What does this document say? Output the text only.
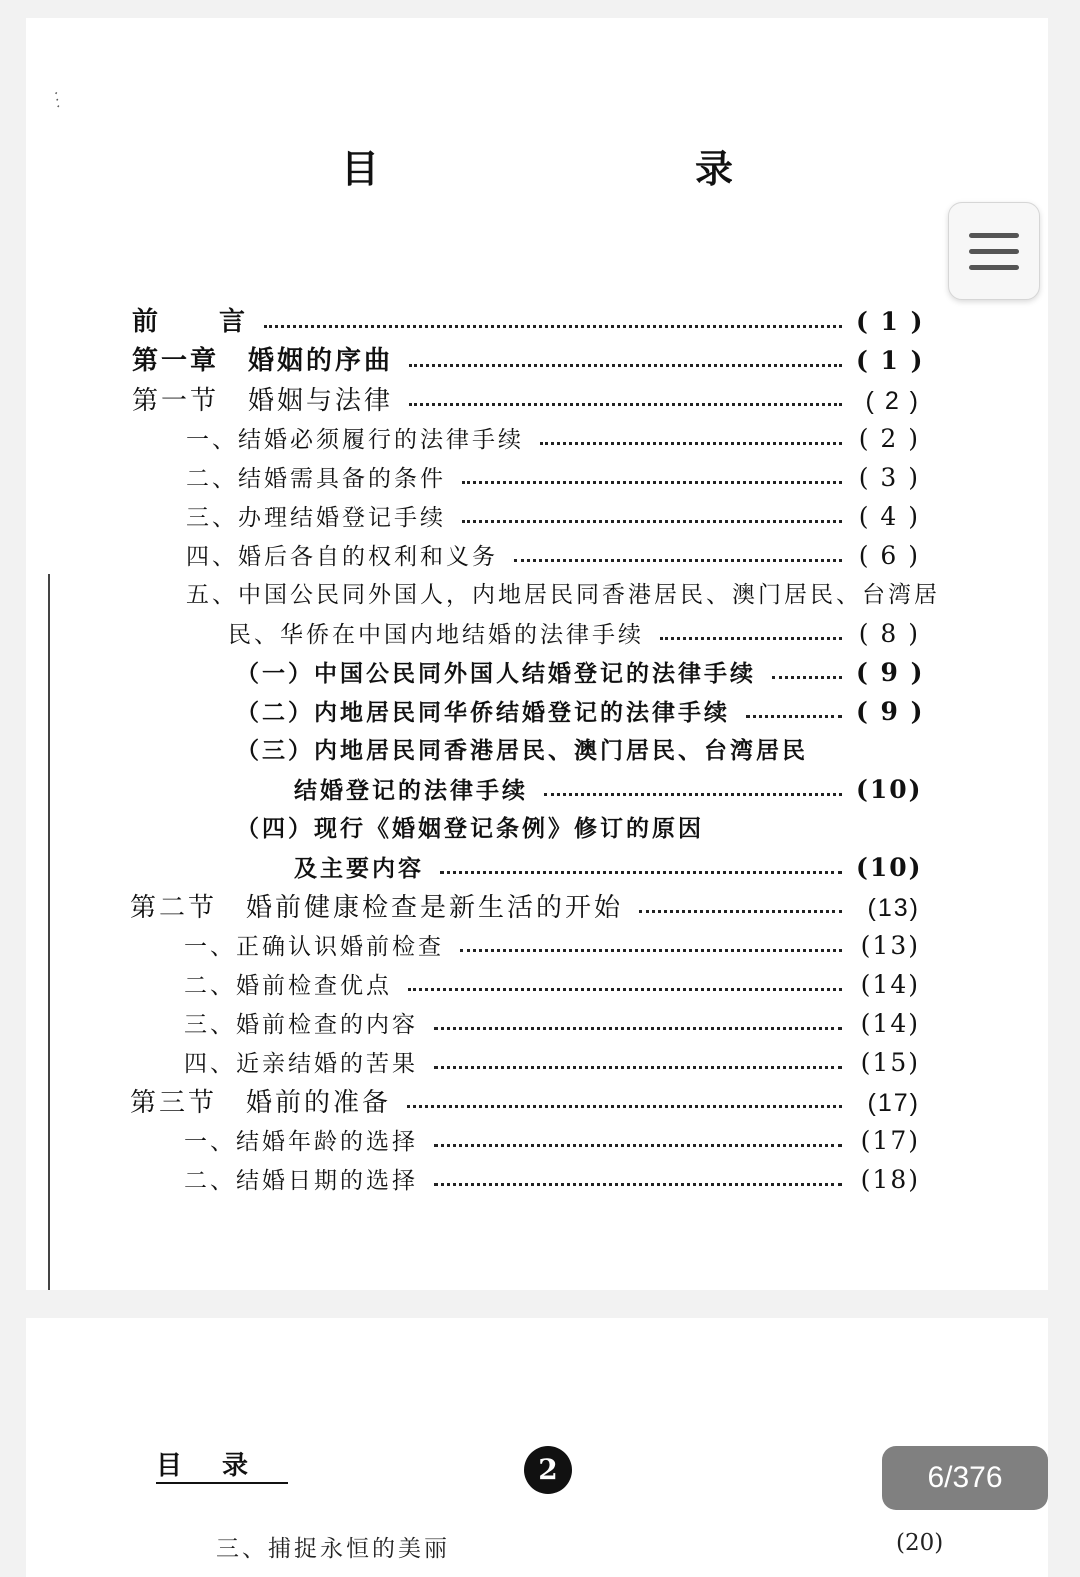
⋱
目　　录
前　　言	( 1 )
第一章　婚姻的序曲	( 1 )
第一节　婚姻与法律	( 2 )
一、结婚必须履行的法律手续	( 2 )
二、结婚需具备的条件	( 3 )
三、办理结婚登记手续	( 4 )
四、婚后各自的权利和义务	( 6 )
五、中国公民同外国人，内地居民同香港居民、澳门居民、台湾居
民、华侨在中国内地结婚的法律手续	( 8 )
（一）中国公民同外国人结婚登记的法律手续	( 9 )
（二）内地居民同华侨结婚登记的法律手续	( 9 )
（三）内地居民同香港居民、澳门居民、台湾居民
结婚登记的法律手续	(10)
（四）现行《婚姻登记条例》修订的原因
及主要内容	(10)
第二节　婚前健康检查是新生活的开始	(13)
一、正确认识婚前检查	(13)
二、婚前检查优点	(14)
三、婚前检查的内容	(14)
四、近亲结婚的苦果	(15)
第三节　婚前的准备	(17)
一、结婚年龄的选择	(17)
二、结婚日期的选择	(18)
目录	2
三、捕捉永恒的美丽	(20)
6/376
